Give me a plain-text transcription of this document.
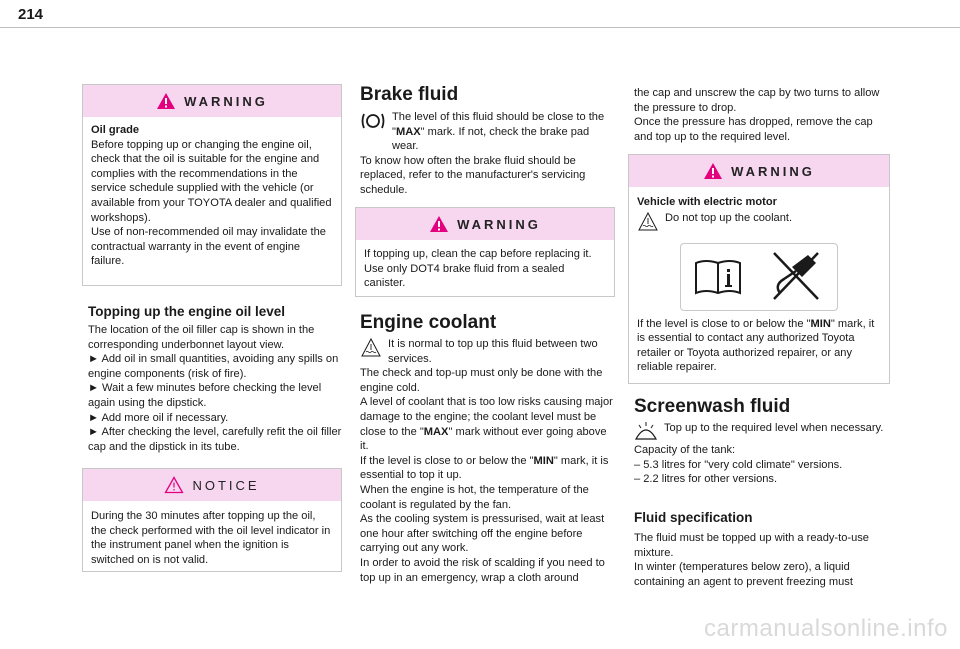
214
WARNING

Oil grade

Before topping up or changing the engine oil, check that the oil is suitable for the engine and complies with the recommendations in the service schedule supplied with the vehicle (or available from your TOYOTA dealer and qualified workshops).

Use of non-recommended oil may invalidate the contractual warranty in the event of engine failure.

Topping up the engine oil level

The location of the oil filler cap is shown in the corresponding underbonnet layout view.

► Add oil in small quantities, avoiding any spills on engine components (risk of fire).

► Wait a few minutes before checking the level again using the dipstick.

► Add more oil if necessary.

► After checking the level, carefully refit the oil filler cap and the dipstick in its tube.

NOTICE

During the 30 minutes after topping up the oil, the check performed with the oil level indicator in the instrument panel when the ignition is switched on is not valid.

Brake fluid

The level of this fluid should be close to the "MAX" mark. If not, check the brake pad wear.

To know how often the brake fluid should be replaced, refer to the manufacturer's servicing schedule.

WARNING

If topping up, clean the cap before replacing it. Use only DOT4 brake fluid from a sealed canister.

Engine coolant

It is normal to top up this fluid between two services.

The check and top-up must only be done with the engine cold.

A level of coolant that is too low risks causing major damage to the engine; the coolant level must be close to the "MAX" mark without ever going above it.

If the level is close to or below the "MIN" mark, it is essential to top it up.

When the engine is hot, the temperature of the coolant is regulated by the fan.

As the cooling system is pressurised, wait at least one hour after switching off the engine before carrying out any work.

In order to avoid the risk of scalding if you need to top up in an emergency, wrap a cloth around

the cap and unscrew the cap by two turns to allow the pressure to drop.

Once the pressure has dropped, remove the cap and top up to the required level.

WARNING

Vehicle with electric motor

Do not top up the coolant.

If the level is close to or below the "MIN" mark, it is essential to contact any authorized Toyota retailer or Toyota authorized repairer, or any reliable repairer.

Screenwash fluid

Top up to the required level when necessary.

Capacity of the tank:

– 5.3 litres for "very cold climate" versions.

– 2.2 litres for other versions.

Fluid specification

The fluid must be topped up with a ready-to-use mixture.

In winter (temperatures below zero), a liquid containing an agent to prevent freezing must

carmanualsonline.info
